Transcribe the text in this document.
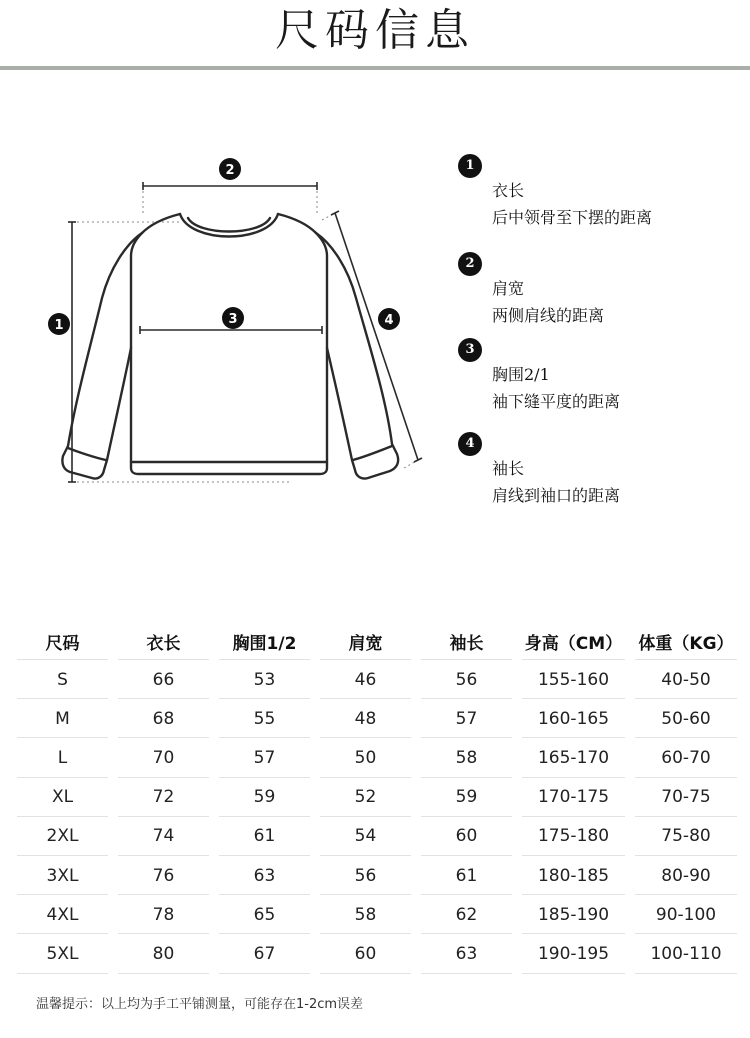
尺码信息
1
2
3	4
1
衣长
后中领骨至下摆的距离
2
肩宽
两侧肩线的距离
3
胸围2/1
袖下缝平度的距离
4
袖长
肩线到袖口的距离
尺码	衣长	胸围1/2	肩宽	袖长	身高（CM）	体重（KG）
S	66	53	46	56	155-160	40-50
M	68	55	48	57	160-165	50-60
L	70	57	50	58	165-170	60-70
XL	72	59	52	59	170-175	70-75
2XL	74	61	54	60	175-180	75-80
3XL	76	63	56	61	180-185	80-90
4XL	78	65	58	62	185-190	90-100
5XL	80	67	60	63	190-195	100-110
温馨提示：以上均为手工平铺测量，可能存在1-2cm误差
